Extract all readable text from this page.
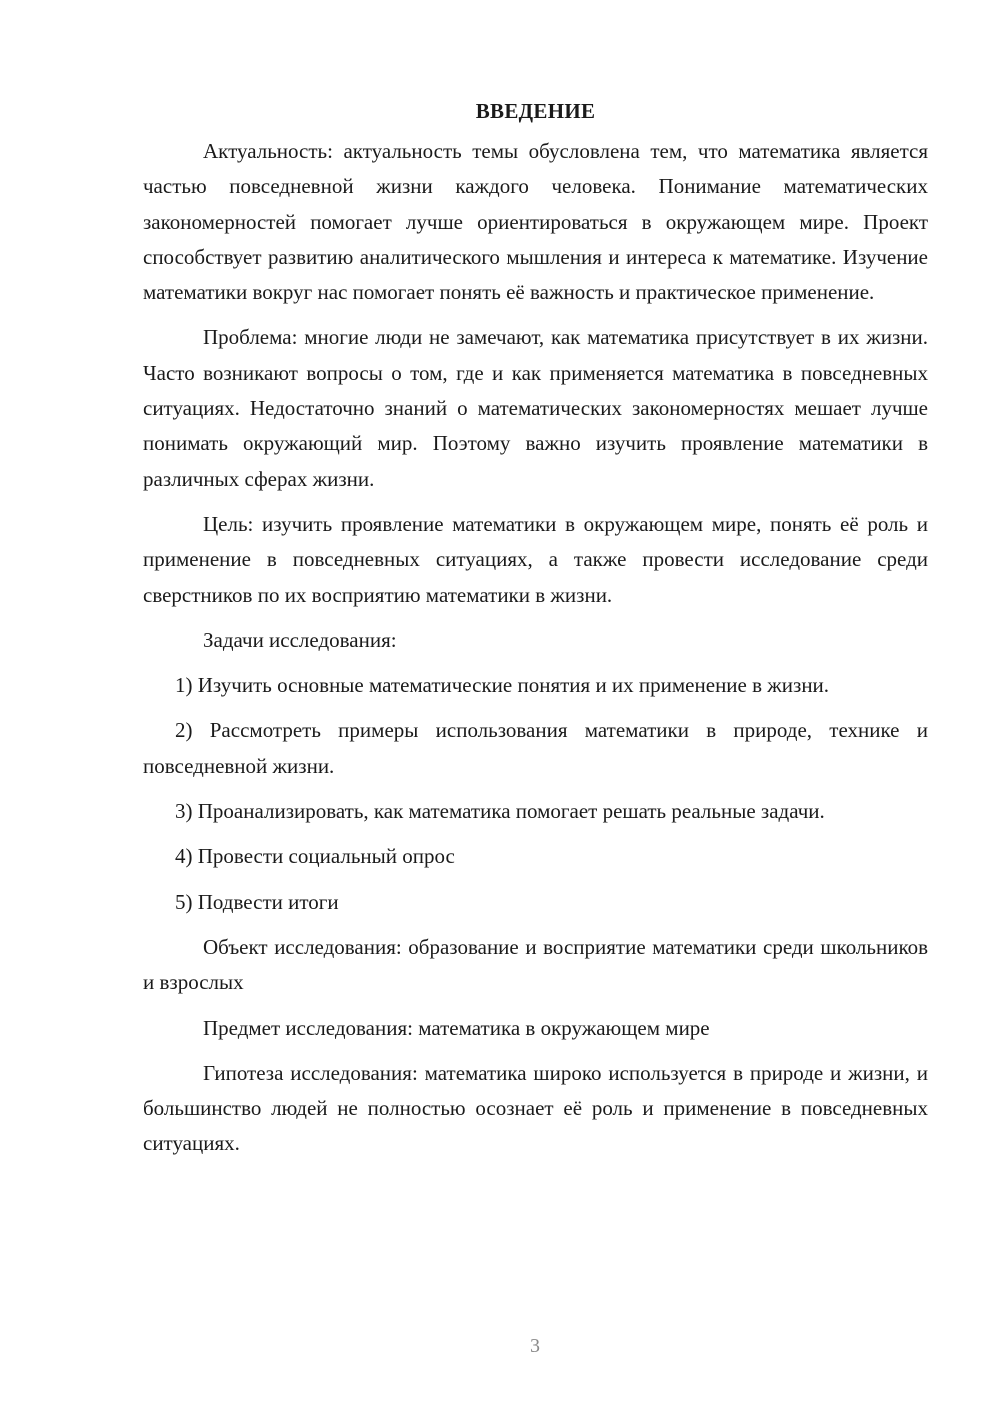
ВВЕДЕНИЕ

Актуальность: актуальность темы обусловлена тем, что математика является частью повседневной жизни каждого человека. Понимание математических закономерностей помогает лучше ориентироваться в окружающем мире. Проект способствует развитию аналитического мышления и интереса к математике. Изучение математики вокруг нас помогает понять её важность и практическое применение.

Проблема: многие люди не замечают, как математика присутствует в их жизни. Часто возникают вопросы о том, где и как применяется математика в повседневных ситуациях. Недостаточно знаний о математических закономерностях мешает лучше понимать окружающий мир. Поэтому важно изучить проявление математики в различных сферах жизни.

Цель: изучить проявление математики в окружающем мире, понять её роль и применение в повседневных ситуациях, а также провести исследование среди сверстников по их восприятию математики в жизни.

Задачи исследования:

1) Изучить основные математические понятия и их применение в жизни.

2) Рассмотреть примеры использования математики в природе, технике и повседневной жизни.

3) Проанализировать, как математика помогает решать реальные задачи.

4) Провести социальный опрос

5) Подвести итоги

Объект исследования: образование и восприятие математики среди школьников и взрослых

Предмет исследования: математика в окружающем мире

Гипотеза исследования: математика широко используется в природе и жизни, и большинство людей не полностью осознает её роль и применение в повседневных ситуациях.

3
